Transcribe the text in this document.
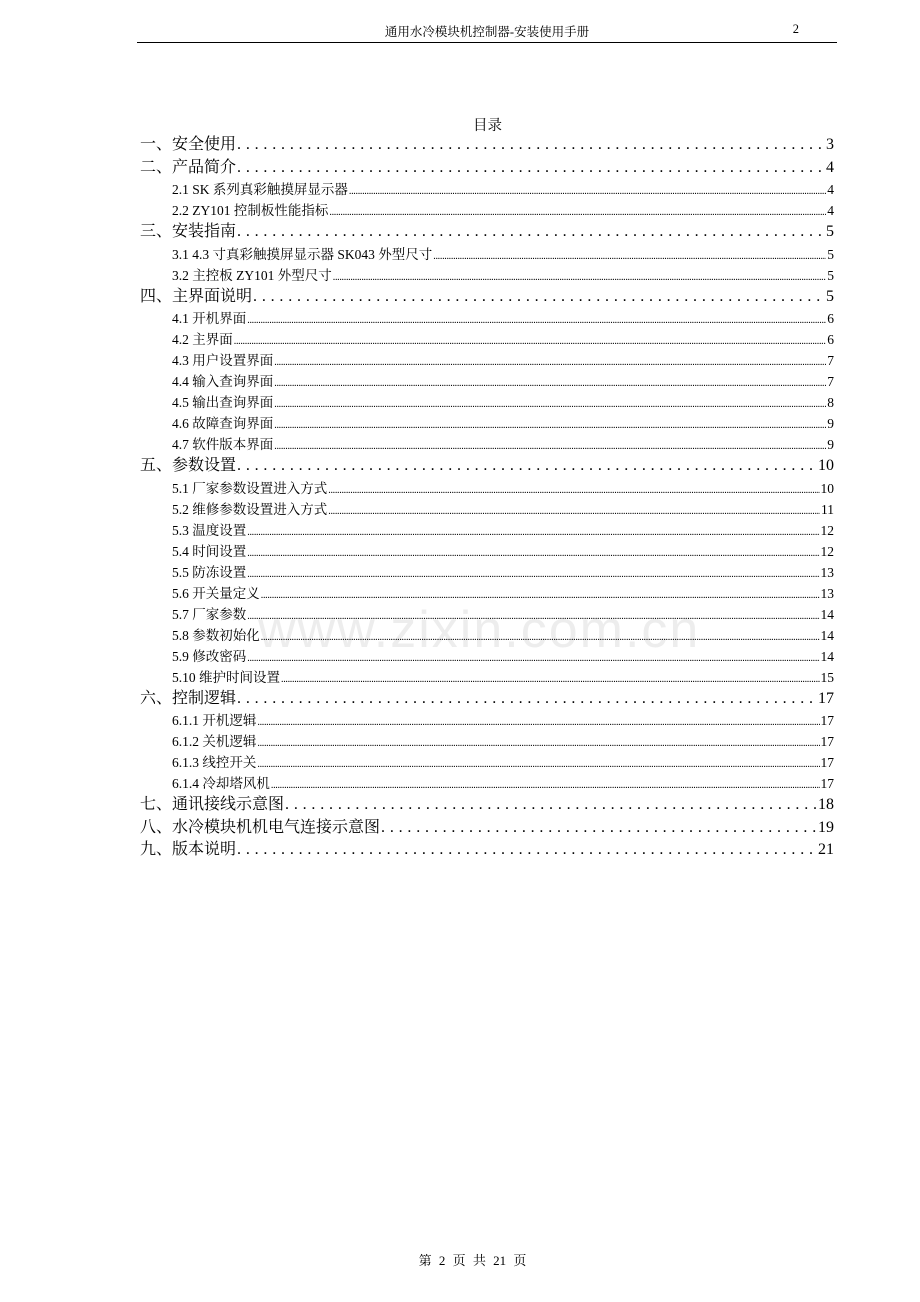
通用水冷模块机控制器-安装使用手册	2
目录
一、安全使用 . . .	3
二、产品简介 . . .	4
2.1 SK 系列真彩触摸屏显示器 .....	4
2.2 ZY101 控制板性能指标 .....	4
三、安装指南 . . .	5
3.1 4.3 寸真彩触摸屏显示器 SK043 外型尺寸 .....	5
3.2 主控板 ZY101 外型尺寸 .....	5
四、主界面说明 . . .	5
4.1 开机界面 .....	6
4.2 主界面 .....	6
4.3 用户设置界面 .....	7
4.4 输入查询界面 .....	7
4.5 输出查询界面 .....	8
4.6 故障查询界面 .....	9
4.7 软件版本界面 .....	9
五、参数设置 . . .	10
5.1 厂家参数设置进入方式 .....	10
5.2 维修参数设置进入方式 .....	11
5.3 温度设置 .....	12
5.4 时间设置 .....	12
5.5 防冻设置 .....	13
5.6 开关量定义 .....	13
5.7 厂家参数 .....	14
5.8 参数初始化 .....	14
5.9 修改密码 .....	14
5.10 维护时间设置 .....	15
六、控制逻辑 . . .	17
6.1.1 开机逻辑 .....	17
6.1.2 关机逻辑 .....	17
6.1.3 线控开关 .....	17
6.1.4 冷却塔风机 .....	17
七、通讯接线示意图 . . .	18
八、水冷模块机机电气连接示意图 . . .	19
九、版本说明 . . .	21
www.zixin.com.cn
第 2 页 共 21 页
